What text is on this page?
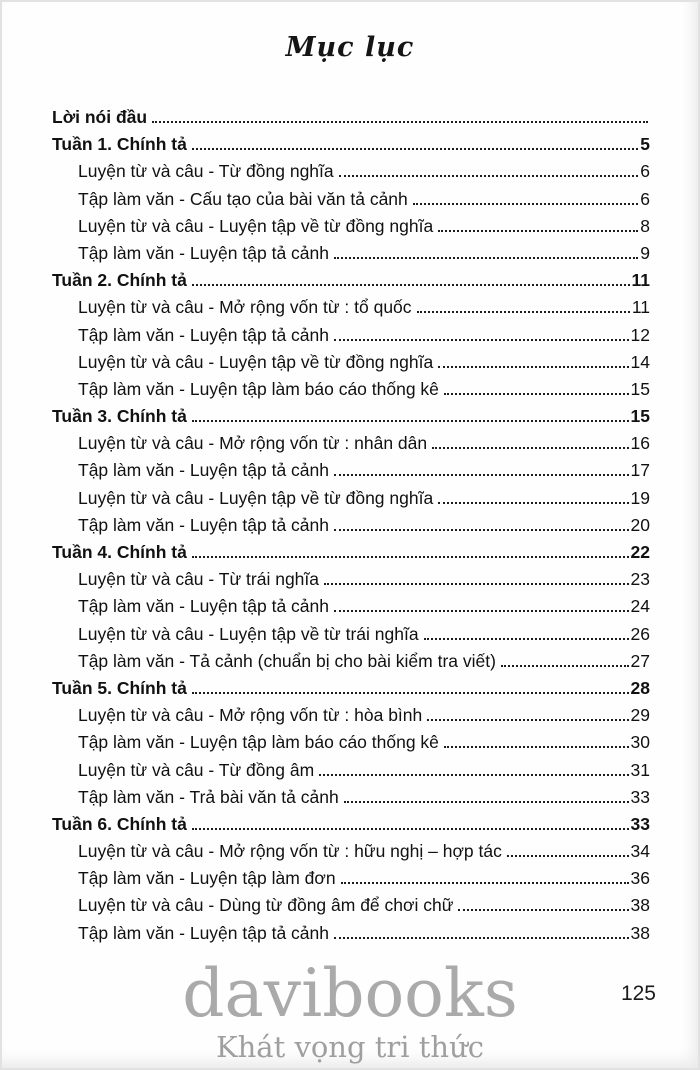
Mục lục
Lời nói đầu
Tuần 1. Chính tả	5
Luyện từ và câu - Từ đồng nghĩa	6
Tập làm văn - Cấu tạo của bài văn tả cảnh	6
Luyện từ và câu - Luyện tập về từ đồng nghĩa	8
Tập làm văn - Luyện tập tả cảnh	9
Tuần 2. Chính tả	11
Luyện từ và câu - Mở rộng vốn từ : tổ quốc	11
Tập làm văn - Luyện tập tả cảnh	12
Luyện từ và câu - Luyện tập về từ đồng nghĩa	14
Tập làm văn - Luyện tập làm báo cáo thống kê	15
Tuần 3. Chính tả	15
Luyện từ và câu - Mở rộng vốn từ : nhân dân	16
Tập làm văn - Luyện tập tả cảnh	17
Luyện từ và câu - Luyện tập về từ đồng nghĩa	19
Tập làm văn - Luyện tập tả cảnh	20
Tuần 4. Chính tả	22
Luyện từ và câu - Từ trái nghĩa	23
Tập làm văn - Luyện tập tả cảnh	24
Luyện từ và câu - Luyện tập về từ trái nghĩa	26
Tập làm văn - Tả cảnh (chuẩn bị cho bài kiểm tra viết)	27
Tuần 5. Chính tả	28
Luyện từ và câu - Mở rộng vốn từ : hòa bình	29
Tập làm văn - Luyện tập làm báo cáo thống kê	30
Luyện từ và câu - Từ đồng âm	31
Tập làm văn - Trả bài văn tả cảnh	33
Tuần 6. Chính tả	33
Luyện từ và câu - Mở rộng vốn từ : hữu nghị – hợp tác	34
Tập làm văn - Luyện tập làm đơn	36
Luyện từ và câu - Dùng từ đồng âm để chơi chữ	38
Tập làm văn - Luyện tập tả cảnh	38
davibooks
Khát vọng tri thức
125
